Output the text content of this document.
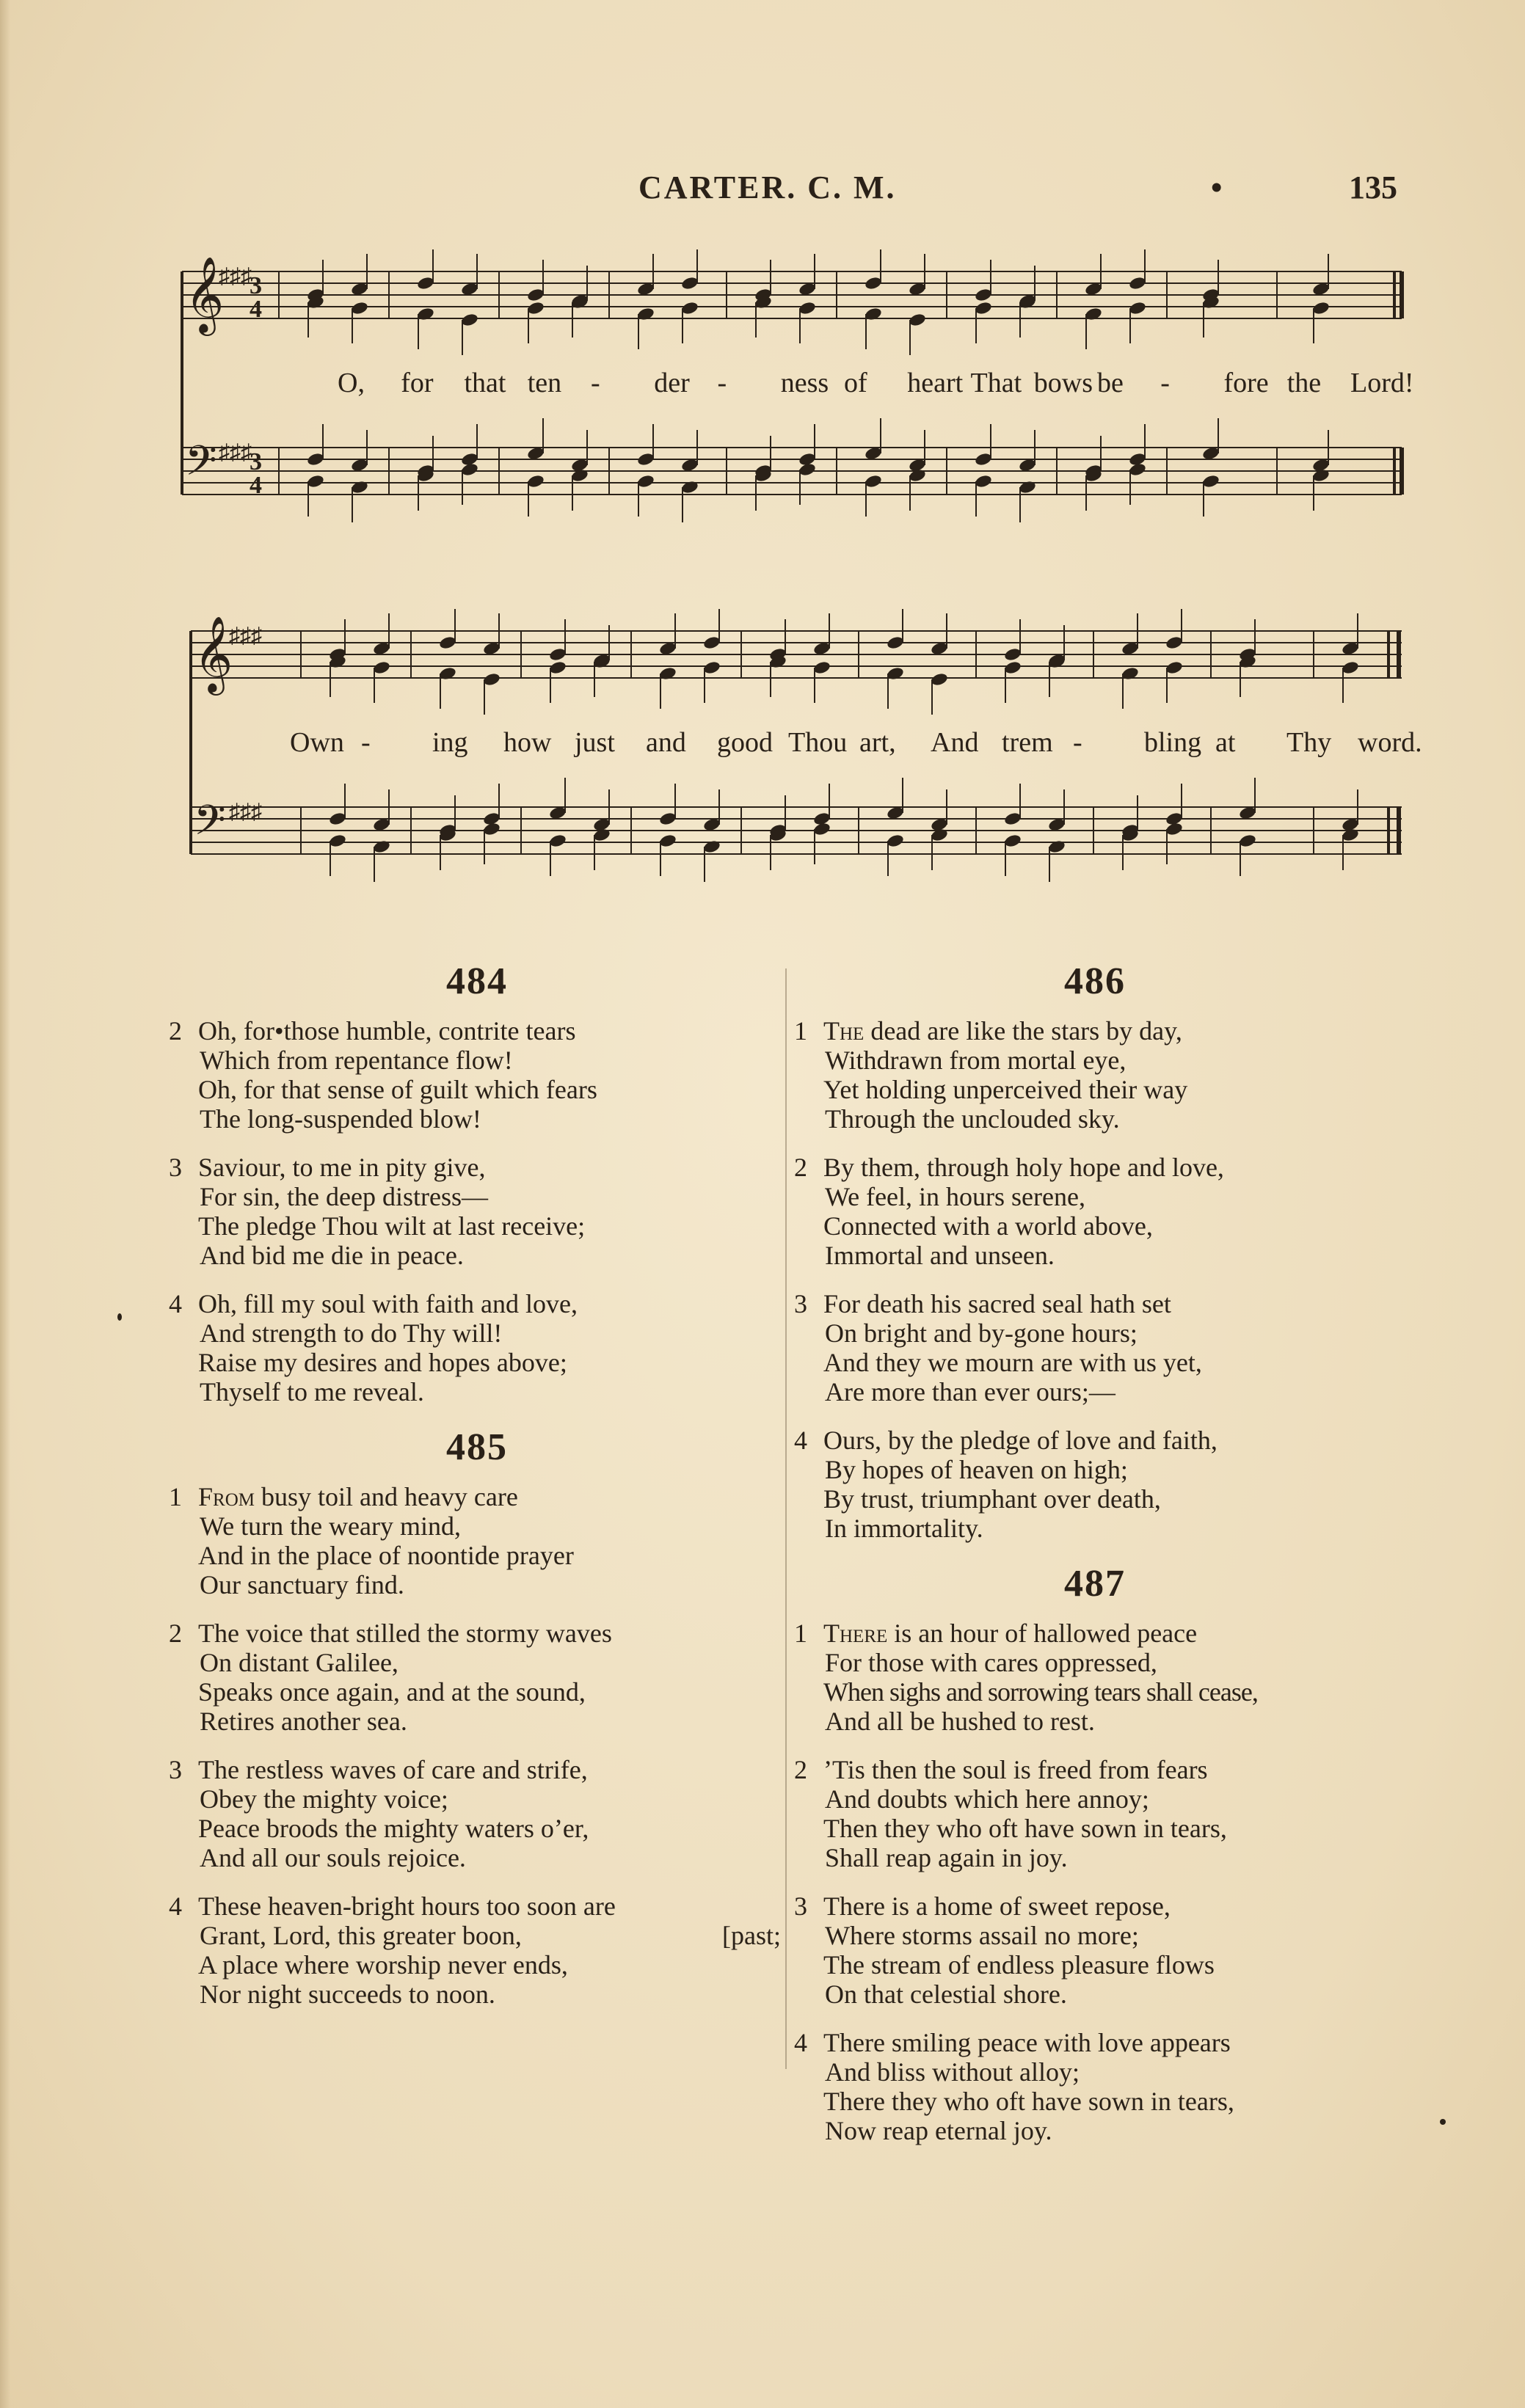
CARTER. C. M.	•	135
𝄞
𝄢
♯♯♯
♯♯♯
3
4
3
4
O, for that ten - der - ness of heart That bows be - fore the Lord!
𝄞
𝄢
♯♯♯
♯♯♯
Own - ing how just and good Thou art, And trem - bling at Thy word.
484
2 Oh, for•those humble, contrite tears
Which from repentance flow!
Oh, for that sense of guilt which fears
The long-suspended blow!
3 Saviour, to me in pity give,
For sin, the deep distress—
The pledge Thou wilt at last receive;
And bid me die in peace.
4 Oh, fill my soul with faith and love,
And strength to do Thy will!
Raise my desires and hopes above;
Thyself to me reveal.
485
1 From busy toil and heavy care
We turn the weary mind,
And in the place of noontide prayer
Our sanctuary find.
2 The voice that stilled the stormy waves
On distant Galilee,
Speaks once again, and at the sound,
Retires another sea.
3 The restless waves of care and strife,
Obey the mighty voice;
Peace broods the mighty waters o’er,
And all our souls rejoice.
4 These heaven-bright hours too soon are
Grant, Lord, this greater boon,	[past;
A place where worship never ends,
Nor night succeeds to noon.
486
1 The dead are like the stars by day,
Withdrawn from mortal eye,
Yet holding unperceived their way
Through the unclouded sky.
2 By them, through holy hope and love,
We feel, in hours serene,
Connected with a world above,
Immortal and unseen.
3 For death his sacred seal hath set
On bright and by-gone hours;
And they we mourn are with us yet,
Are more than ever ours;—
4 Ours, by the pledge of love and faith,
By hopes of heaven on high;
By trust, triumphant over death,
In immortality.
487
1 There is an hour of hallowed peace
For those with cares oppressed,
When sighs and sorrowing tears shall cease,
And all be hushed to rest.
2 ’Tis then the soul is freed from fears
And doubts which here annoy;
Then they who oft have sown in tears,
Shall reap again in joy.
3 There is a home of sweet repose,
Where storms assail no more;
The stream of endless pleasure flows
On that celestial shore.
4 There smiling peace with love appears
And bliss without alloy;
There they who oft have sown in tears,
Now reap eternal joy.
